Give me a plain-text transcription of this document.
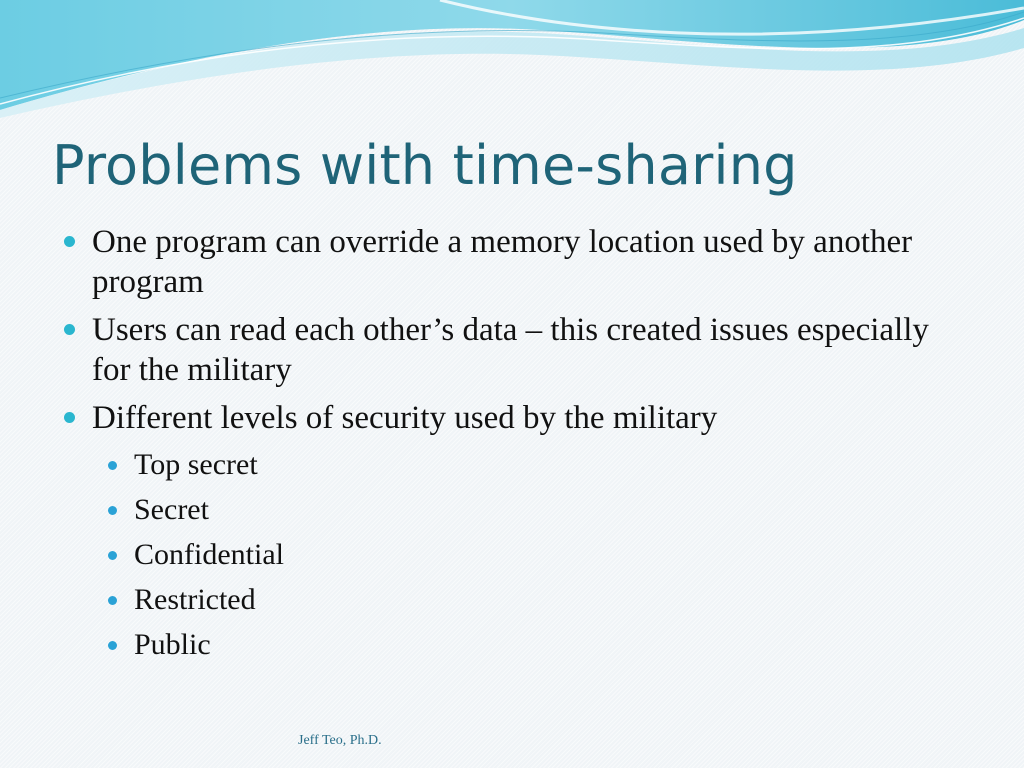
Problems with time-sharing
One program can override a memory location used by another program
Users can read each other’s data – this created issues especially for the military
Different levels of security used by the military
Top secret
Secret
Confidential
Restricted
Public
Jeff Teo, Ph.D.
